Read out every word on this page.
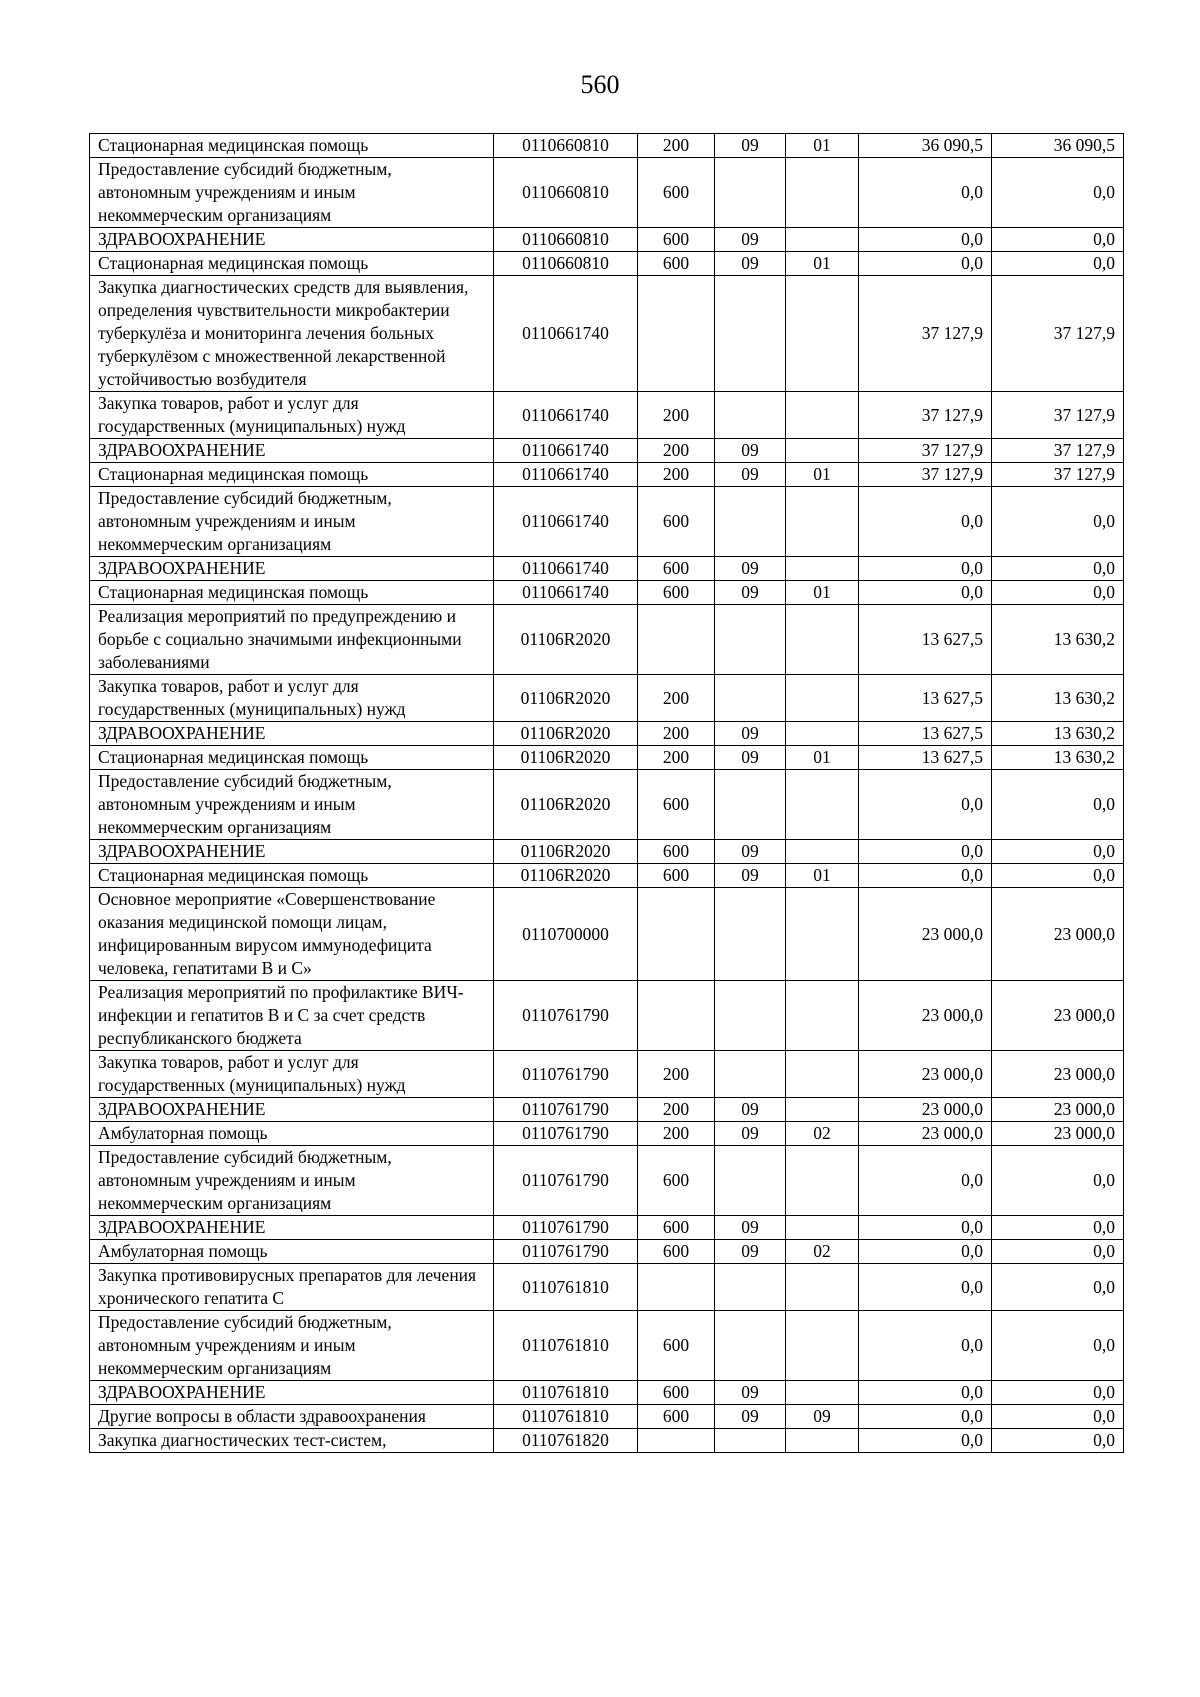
560
Стационарная медицинская помощь	0110660810	200	09	01	36 090,5	36 090,5
Предоставление субсидий бюджетным, автономным учреждениям и иным некоммерческим организациям	0110660810	600			0,0	0,0
ЗДРАВООХРАНЕНИЕ	0110660810	600	09		0,0	0,0
Стационарная медицинская помощь	0110660810	600	09	01	0,0	0,0
Закупка диагностических средств для выявления, определения чувствительности микробактерии туберкулёза и мониторинга лечения больных туберкулёзом с множественной лекарственной устойчивостью возбудителя	0110661740				37 127,9	37 127,9
Закупка товаров, работ и услуг для государственных (муниципальных) нужд	0110661740	200			37 127,9	37 127,9
ЗДРАВООХРАНЕНИЕ	0110661740	200	09		37 127,9	37 127,9
Стационарная медицинская помощь	0110661740	200	09	01	37 127,9	37 127,9
Предоставление субсидий бюджетным, автономным учреждениям и иным некоммерческим организациям	0110661740	600			0,0	0,0
ЗДРАВООХРАНЕНИЕ	0110661740	600	09		0,0	0,0
Стационарная медицинская помощь	0110661740	600	09	01	0,0	0,0
Реализация мероприятий по предупреждению и борьбе с социально значимыми инфекционными заболеваниями	01106R2020				13 627,5	13 630,2
Закупка товаров, работ и услуг для государственных (муниципальных) нужд	01106R2020	200			13 627,5	13 630,2
ЗДРАВООХРАНЕНИЕ	01106R2020	200	09		13 627,5	13 630,2
Стационарная медицинская помощь	01106R2020	200	09	01	13 627,5	13 630,2
Предоставление субсидий бюджетным, автономным учреждениям и иным некоммерческим организациям	01106R2020	600			0,0	0,0
ЗДРАВООХРАНЕНИЕ	01106R2020	600	09		0,0	0,0
Стационарная медицинская помощь	01106R2020	600	09	01	0,0	0,0
Основное мероприятие «Совершенствование оказания медицинской помощи лицам, инфицированным вирусом иммунодефицита человека, гепатитами В и С»	0110700000				23 000,0	23 000,0
Реализация мероприятий по профилактике ВИЧ-инфекции и гепатитов В и С за счет средств республиканского бюджета	0110761790				23 000,0	23 000,0
Закупка товаров, работ и услуг для государственных (муниципальных) нужд	0110761790	200			23 000,0	23 000,0
ЗДРАВООХРАНЕНИЕ	0110761790	200	09		23 000,0	23 000,0
Амбулаторная помощь	0110761790	200	09	02	23 000,0	23 000,0
Предоставление субсидий бюджетным, автономным учреждениям и иным некоммерческим организациям	0110761790	600			0,0	0,0
ЗДРАВООХРАНЕНИЕ	0110761790	600	09		0,0	0,0
Амбулаторная помощь	0110761790	600	09	02	0,0	0,0
Закупка противовирусных препаратов для лечения хронического гепатита С	0110761810				0,0	0,0
Предоставление субсидий бюджетным, автономным учреждениям и иным некоммерческим организациям	0110761810	600			0,0	0,0
ЗДРАВООХРАНЕНИЕ	0110761810	600	09		0,0	0,0
Другие вопросы в области здравоохранения	0110761810	600	09	09	0,0	0,0
Закупка диагностических тест-систем,	0110761820				0,0	0,0
